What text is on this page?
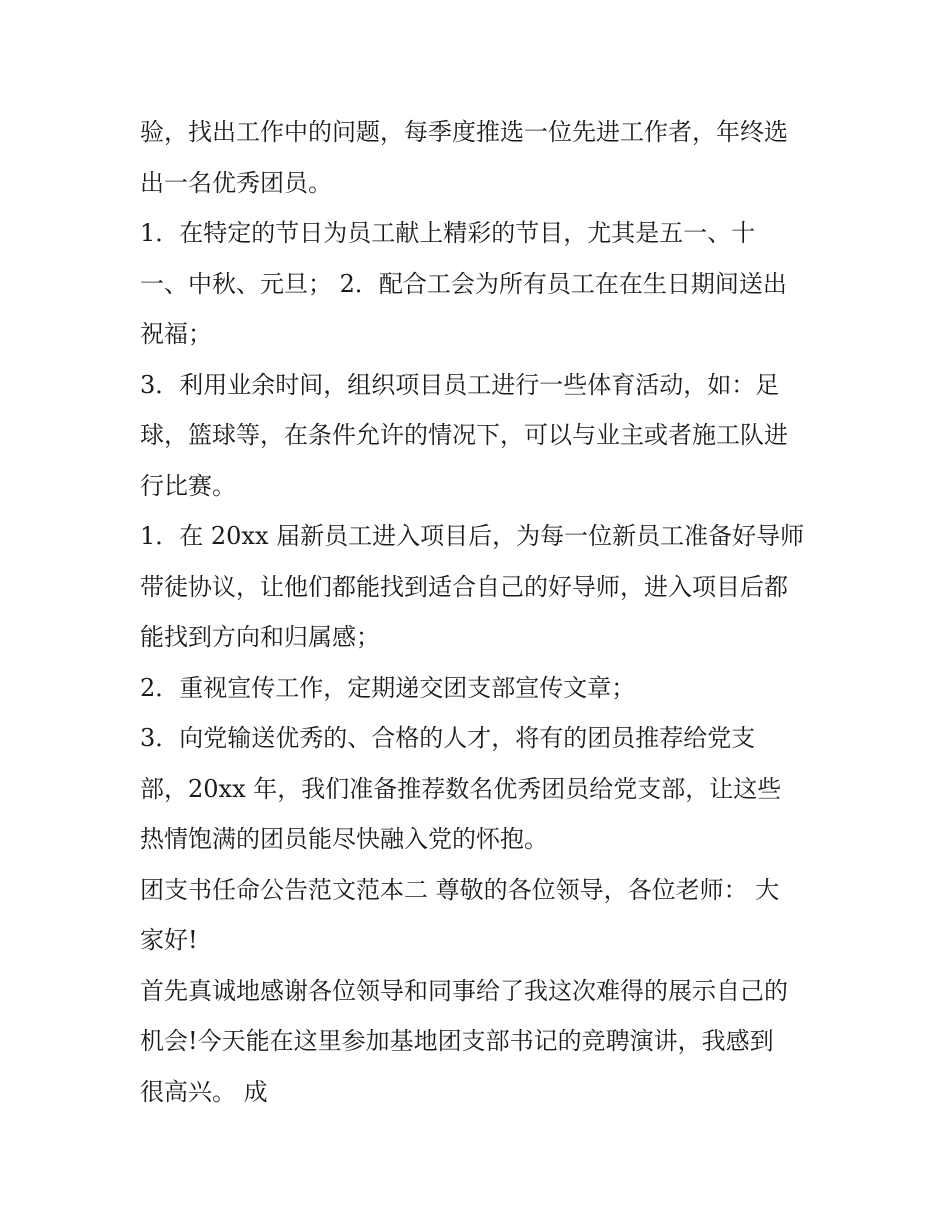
验，找出工作中的问题，每季度推选一位先进工作者，年终选
出一名优秀团员。
1．在特定的节日为员工献上精彩的节目，尤其是五一、十
一、中秋、元旦； 2．配合工会为所有员工在在生日期间送出
祝福；
3．利用业余时间，组织项目员工进行一些体育活动，如：足
球，篮球等，在条件允许的情况下，可以与业主或者施工队进
行比赛。
1．在 20xx 届新员工进入项目后，为每一位新员工准备好导师
带徒协议，让他们都能找到适合自己的好导师，进入项目后都
能找到方向和归属感；
2．重视宣传工作，定期递交团支部宣传文章；
3．向党输送优秀的、合格的人才，将有的团员推荐给党支
部，20xx 年，我们准备推荐数名优秀团员给党支部，让这些
热情饱满的团员能尽快融入党的怀抱。
团支书任命公告范文范本二 尊敬的各位领导，各位老师： 大
家好!
首先真诚地感谢各位领导和同事给了我这次难得的展示自己的
机会!今天能在这里参加基地团支部书记的竞聘演讲，我感到
很高兴。 成
